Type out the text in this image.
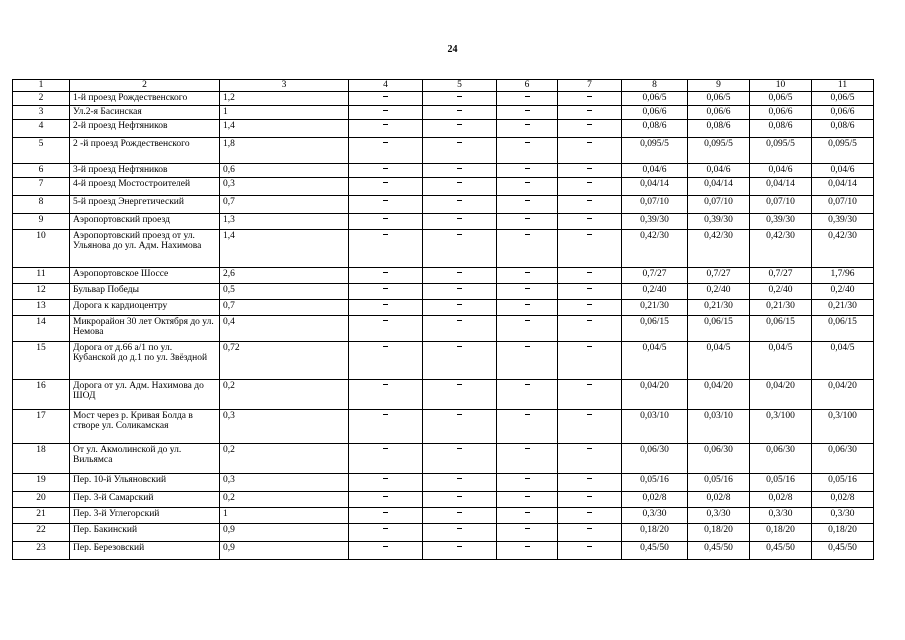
24
1	2	3	4	5	6	7	8	9	10	11
2	1-й проезд Рождественского	1,2					0,06/5	0,06/5	0,06/5	0,06/5
3	Ул.2-я Басинская	1					0,06/6	0,06/6	0,06/6	0,06/6
4	2-й проезд Нефтяников	1,4					0,08/6	0,08/6	0,08/6	0,08/6
5	2 -й проезд Рождественского	1,8					0,095/5	0,095/5	0,095/5	0,095/5
6	3-й проезд Нефтяников	0,6					0,04/6	0,04/6	0,04/6	0,04/6
7	4-й проезд Мостостроителей	0,3					0,04/14	0,04/14	0,04/14	0,04/14
8	5-й проезд Энергетический	0,7					0,07/10	0,07/10	0,07/10	0,07/10
9	Аэропортовский проезд	1,3					0,39/30	0,39/30	0,39/30	0,39/30
10	Аэропортовский проезд от ул. Ульянова до ул. Адм. Нахимова	1,4					0,42/30	0,42/30	0,42/30	0,42/30
11	Аэропортовское Шоссе	2,6					0,7/27	0,7/27	0,7/27	1,7/96
12	Бульвар Победы	0,5					0,2/40	0,2/40	0,2/40	0,2/40
13	Дорога к кардиоцентру	0,7					0,21/30	0,21/30	0,21/30	0,21/30
14	Микрорайон 30 лет Октября до ул. Немова	0,4					0,06/15	0,06/15	0,06/15	0,06/15
15	Дорога от д.66 а/1 по ул. Кубанской до д.1 по ул. Звёздной	0,72					0,04/5	0,04/5	0,04/5	0,04/5
16	Дорога от ул. Адм. Нахимова до ШОД	0,2					0,04/20	0,04/20	0,04/20	0,04/20
17	Мост через р. Кривая Болда в створе ул. Соликамская	0,3					0,03/10	0,03/10	0,3/100	0,3/100
18	От ул. Акмолинской до ул. Вильямса	0,2					0,06/30	0,06/30	0,06/30	0,06/30
19	Пер. 10-й Ульяновский	0,3					0,05/16	0,05/16	0,05/16	0,05/16
20	Пер. 3-й Самарский	0,2					0,02/8	0,02/8	0,02/8	0,02/8
21	Пер. 3-й Углегорский	1					0,3/30	0,3/30	0,3/30	0,3/30
22	Пер. Бакинский	0,9					0,18/20	0,18/20	0,18/20	0,18/20
23	Пер. Березовский	0,9					0,45/50	0,45/50	0,45/50	0,45/50
